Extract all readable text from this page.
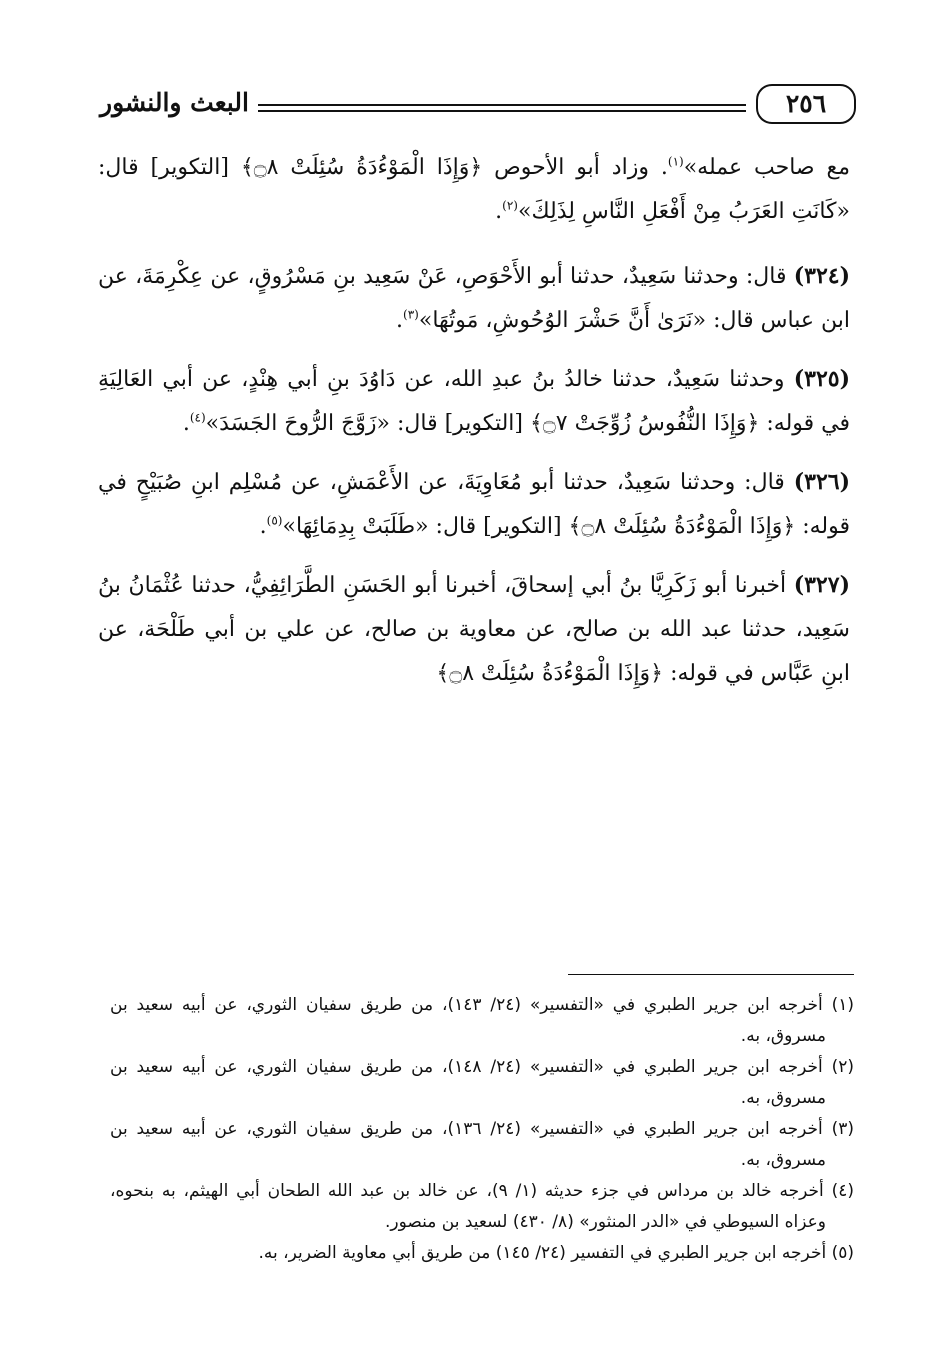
البعث والنشور	٢٥٦

مع صاحب عمله»$^{(١)}$. وزاد أبو الأحوص ﴿وَإِذَا الْمَوْءُدَةُ سُئِلَتْ ۝٨﴾ [التكوير] قال: «كَانَتِ العَرَبُ مِنْ أَفْعَلِ النَّاسِ لِذَلِكَ»$^{(٢)}$.

(٣٢٤) قال: وحدثنا سَعِيدٌ، حدثنا أبو الأَحْوَصِ، عَنْ سَعِيد بنِ مَسْرُوقٍ، عن عِكْرِمَةَ، عن ابن عباس قال: «نَرَىٰ أَنَّ حَشْرَ الوُحُوشِ، مَوتُهَا»$^{(٣)}$.

(٣٢٥) وحدثنا سَعِيدٌ، حدثنا خالدُ بنُ عبدِ الله، عن دَاوُدَ بنِ أبي هِنْدٍ، عن أبي العَالِيَةِ في قوله: ﴿وَإِذَا النُّفُوسُ زُوِّجَتْ ۝٧﴾ [التكوير] قال: «زَوَّجَ الرُّوحَ الجَسَدَ»$^{(٤)}$.

(٣٢٦) قال: وحدثنا سَعِيدٌ، حدثنا أبو مُعَاوِيَةَ، عن الأَعْمَشِ، عن مُسْلِم ابنِ صُبَيْحٍ في قوله: ﴿وَإِذَا الْمَوْءُدَةُ سُئِلَتْ ۝٨﴾ [التكوير] قال: «طَلَبَتْ بِدِمَائِهَا»$^{(٥)}$.

(٣٢٧) أخبرنا أبو زَكَرِيَّا بنُ أبي إسحاقَ، أخبرنا أبو الحَسَنِ الطَّرَائِفِيُّ، حدثنا عُثْمَانُ بنُ سَعِيد، حدثنا عبد الله بن صالح، عن معاوية بن صالح، عن علي بن أبي طَلْحَة، عن ابنِ عَبَّاس في قوله: ﴿وَإِذَا الْمَوْءُدَةُ سُئِلَتْ ۝٨﴾

(١) أخرجه ابن جرير الطبري في «التفسير» (٢٤/ ١٤٣)، من طريق سفيان الثوري، عن أبيه سعيد بن مسروق، به.

(٢) أخرجه ابن جرير الطبري في «التفسير» (٢٤/ ١٤٨)، من طريق سفيان الثوري، عن أبيه سعيد بن مسروق، به.

(٣) أخرجه ابن جرير الطبري في «التفسير» (٢٤/ ١٣٦)، من طريق سفيان الثوري، عن أبيه سعيد بن مسروق، به.

(٤) أخرجه خالد بن مرداس في جزء حديثه (١/ ٩)، عن خالد بن عبد الله الطحان أبي الهيثم، به بنحوه، وعزاه السيوطي في «الدر المنثور» (٨/ ٤٣٠) لسعيد بن منصور.

(٥) أخرجه ابن جرير الطبري في التفسير (٢٤/ ١٤٥) من طريق أبي معاوية الضرير، به.
